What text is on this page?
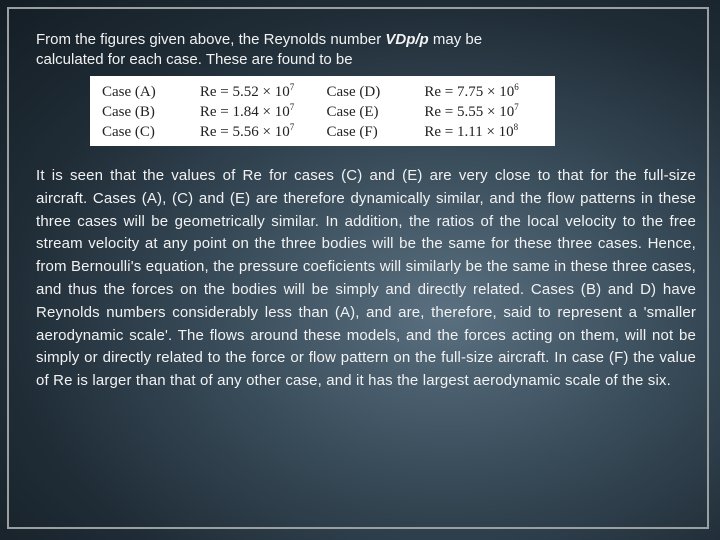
From the figures given above, the Reynolds number VDp/p may be
calculated for each case. These are found to be
Case (A)	$Re = 5.52 \times 10^7$	Case (D)	$Re = 7.75 \times 10^6$
Case (B)	$Re = 1.84 \times 10^7$	Case (E)	$Re = 5.55 \times 10^7$
Case (C)	$Re = 5.56 \times 10^7$	Case (F)	$Re = 1.11 \times 10^8$
It is seen that the values of Re for cases (C) and (E) are very close to that for the full-size aircraft. Cases (A), (C) and (E) are therefore dynamically similar, and the flow patterns in these three cases will be geometrically similar. In addition, the ratios of the local velocity to the free stream velocity at any point on the three bodies will be the same for these three cases. Hence, from Bernoulli's equation, the pressure coeficients will similarly be the same in these three cases, and thus the forces on the bodies will be simply and directly related. Cases (B) and D) have Reynolds numbers considerably less than (A), and are, therefore, said to represent a 'smaller aerodynamic scale'. The flows around these models, and the forces acting on them, will not be simply or directly related to the force or flow pattern on the full-size aircraft. In case (F) the value of Re is larger than that of any other case, and it has the largest aerodynamic scale of the six.
